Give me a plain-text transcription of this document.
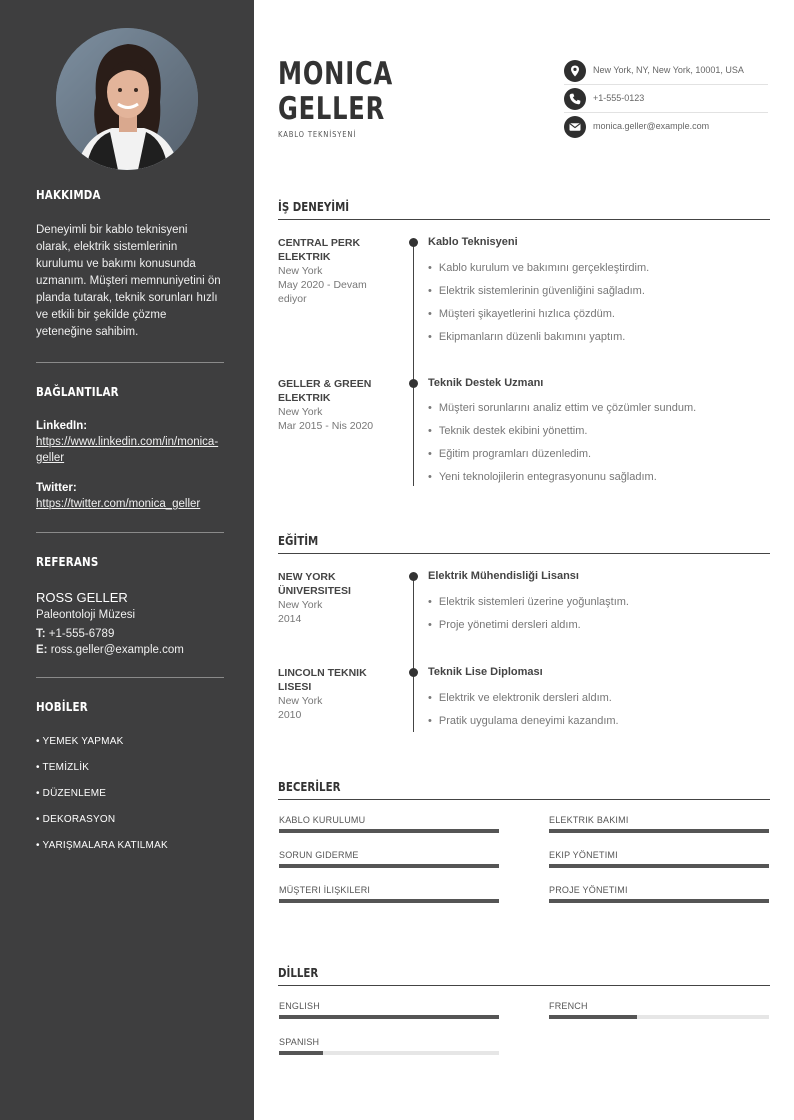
HAKKIMDA
Deneyimli bir kablo teknisyeni olarak, elektrik sistemlerinin kurulumu ve bakımı konusunda uzmanım. Müşteri memnuniyetini ön planda tutarak, teknik sorunları hızlı ve etkili bir şekilde çözme yeteneğine sahibim.
BAĞLANTILAR
LinkedIn:
https://www.linkedin.com/in/monica-geller
Twitter:
https://twitter.com/monica_geller
REFERANS
ROSS GELLER
Paleontoloji Müzesi
T: +1-555-6789
E: ross.geller@example.com
HOBİLER
• YEMEK YAPMAK
• TEMİZLİK
• DÜZENLEME
• DEKORASYON
• YARIŞMALARA KATILMAK
MONICA
GELLER
KABLO TEKNİSYENİ
New York, NY, New York, 10001, USA
+1-555-0123
monica.geller@example.com
İŞ DENEYİMİ
CENTRAL PERK ELEKTRIK
New York
May 2020 - Devam ediyor
Kablo Teknisyeni
• Kablo kurulum ve bakımını gerçekleştirdim.
• Elektrik sistemlerinin güvenliğini sağladım.
• Müşteri şikayetlerini hızlıca çözdüm.
• Ekipmanların düzenli bakımını yaptım.
GELLER & GREEN ELEKTRIK
New York
Mar 2015 - Nis 2020
Teknik Destek Uzmanı
• Müşteri sorunlarını analiz ettim ve çözümler sundum.
• Teknik destek ekibini yönettim.
• Eğitim programları düzenledim.
• Yeni teknolojilerin entegrasyonunu sağladım.
EĞİTİM
NEW YORK ÜNIVERSITESI
New York
2014
Elektrik Mühendisliği Lisansı
• Elektrik sistemleri üzerine yoğunlaştım.
• Proje yönetimi dersleri aldım.
LINCOLN TEKNIK LISESI
New York
2010
Teknik Lise Diploması
• Elektrik ve elektronik dersleri aldım.
• Pratik uygulama deneyimi kazandım.
BECERİLER
KABLO KURULUMU	ELEKTRIK BAKIMI
SORUN GIDERME	EKIP YÖNETIMI
MÜŞTERI İLIŞKILERI	PROJE YÖNETIMI
DİLLER
ENGLISH	FRENCH
SPANISH
